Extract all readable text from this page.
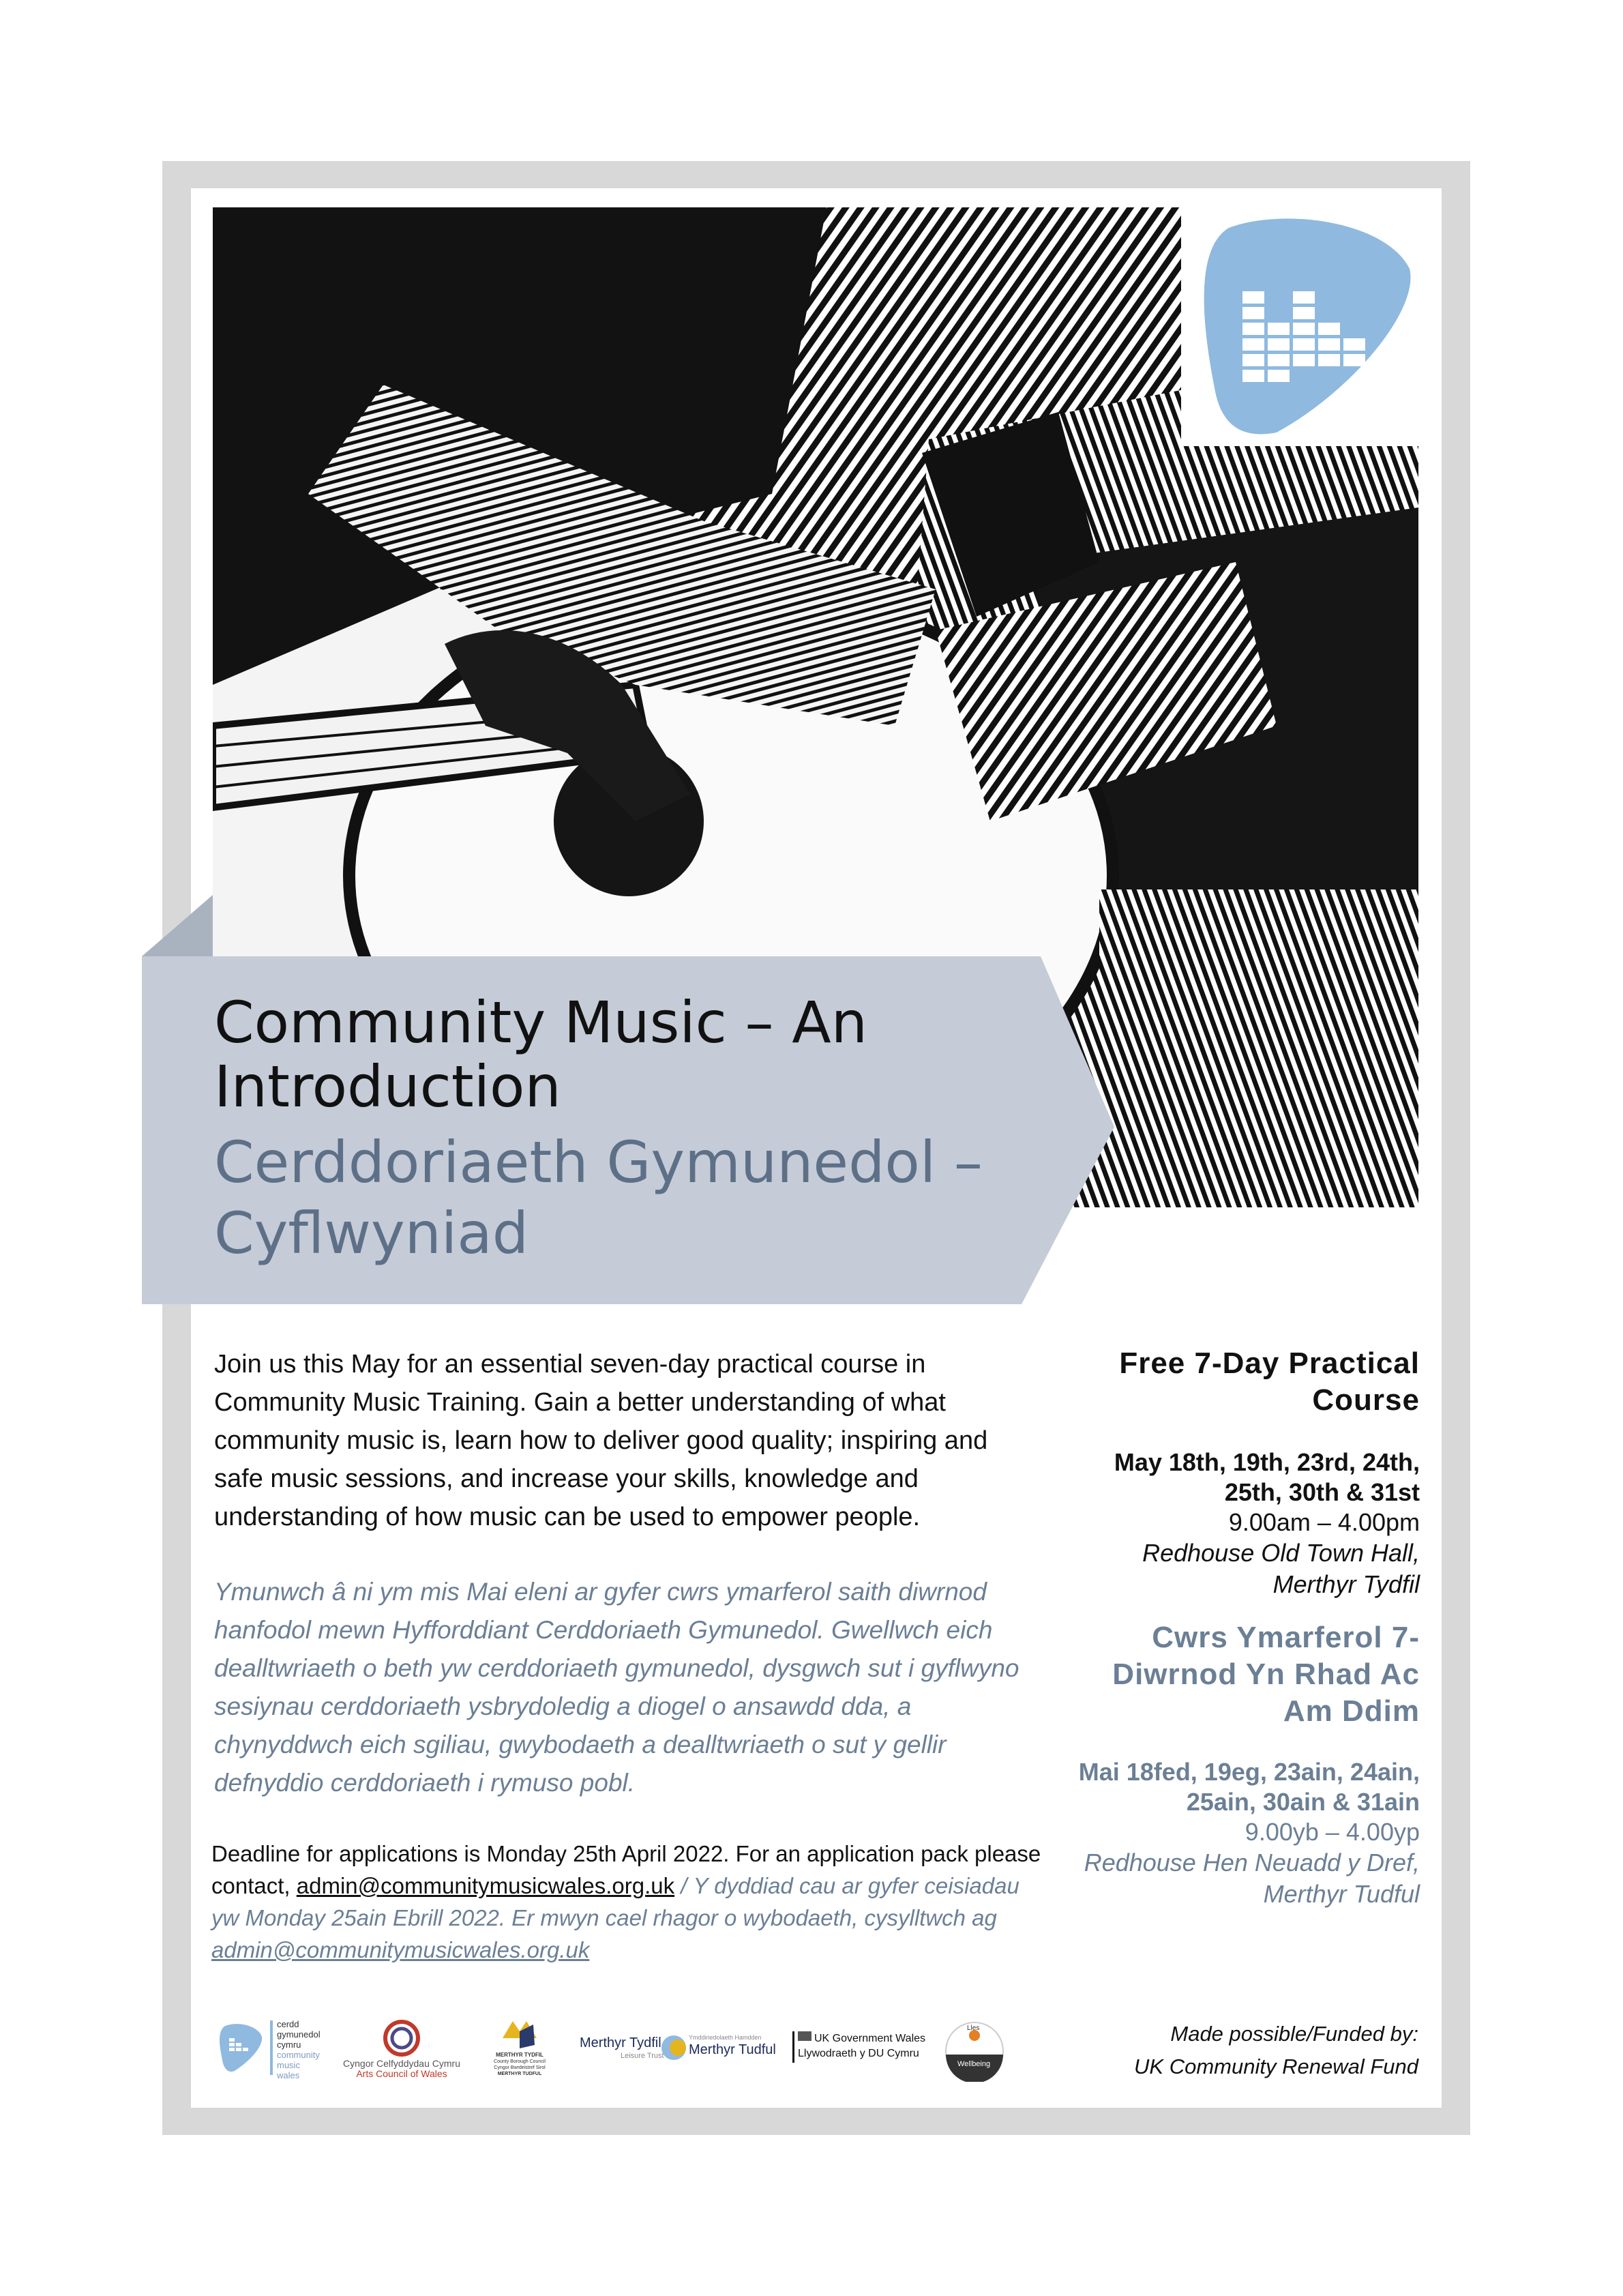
Community Music – An Introduction
Cerddoriaeth Gymunedol – Cyflwyniad

Join us this May for an essential seven-day practical course in Community Music Training. Gain a better understanding of what community music is, learn how to deliver good quality; inspiring and safe music sessions, and increase your skills, knowledge and understanding of how music can be used to empower people.

Ymunwch â ni ym mis Mai eleni ar gyfer cwrs ymarferol saith diwrnod hanfodol mewn Hyfforddiant Cerddoriaeth Gymunedol. Gwellwch eich dealltwriaeth o beth yw cerddoriaeth gymunedol, dysgwch sut i gyflwyno sesiynau cerddoriaeth ysbrydoledig a diogel o ansawdd dda, a chynyddwch eich sgiliau, gwybodaeth a dealltwriaeth o sut y gellir defnyddio cerddoriaeth i rymuso pobl.

Deadline for applications is Monday 25th April 2022. For an application pack please contact, admin@communitymusicwales.org.uk / Y dyddiad cau ar gyfer ceisiadau yw Monday 25ain Ebrill 2022. Er mwyn cael rhagor o wybodaeth, cysylltwch ag admin@communitymusicwales.org.uk

Free 7-Day Practical Course

May 18th, 19th, 23rd, 24th, 25th, 30th & 31st

9.00am – 4.00pm

Redhouse Old Town Hall, Merthyr Tydfil

Cwrs Ymarferol 7-Diwrnod Yn Rhad Ac Am Ddim

Mai 18fed, 19eg, 23ain, 24ain, 25ain, 30ain & 31ain

9.00yb – 4.00yp

Redhouse Hen Neuadd y Dref, Merthyr Tudful

Made possible/Funded by:
UK Community Renewal Fund

cerdd
gymunedol
cymru
community
music
wales
Cyngor Celfyddydau Cymru
Arts Council of Wales
MERTHYR TYDFIL
County Borough Council
Cyngor Bwrdeistref Sirol
MERTHYR TUDFUL
Merthyr Tydfil
Leisure Trust
Ymddiriedolaeth Hamdden
Merthyr Tudful
UK Government Wales
Llywodraeth y DU Cymru
Lles
Wellbeing
